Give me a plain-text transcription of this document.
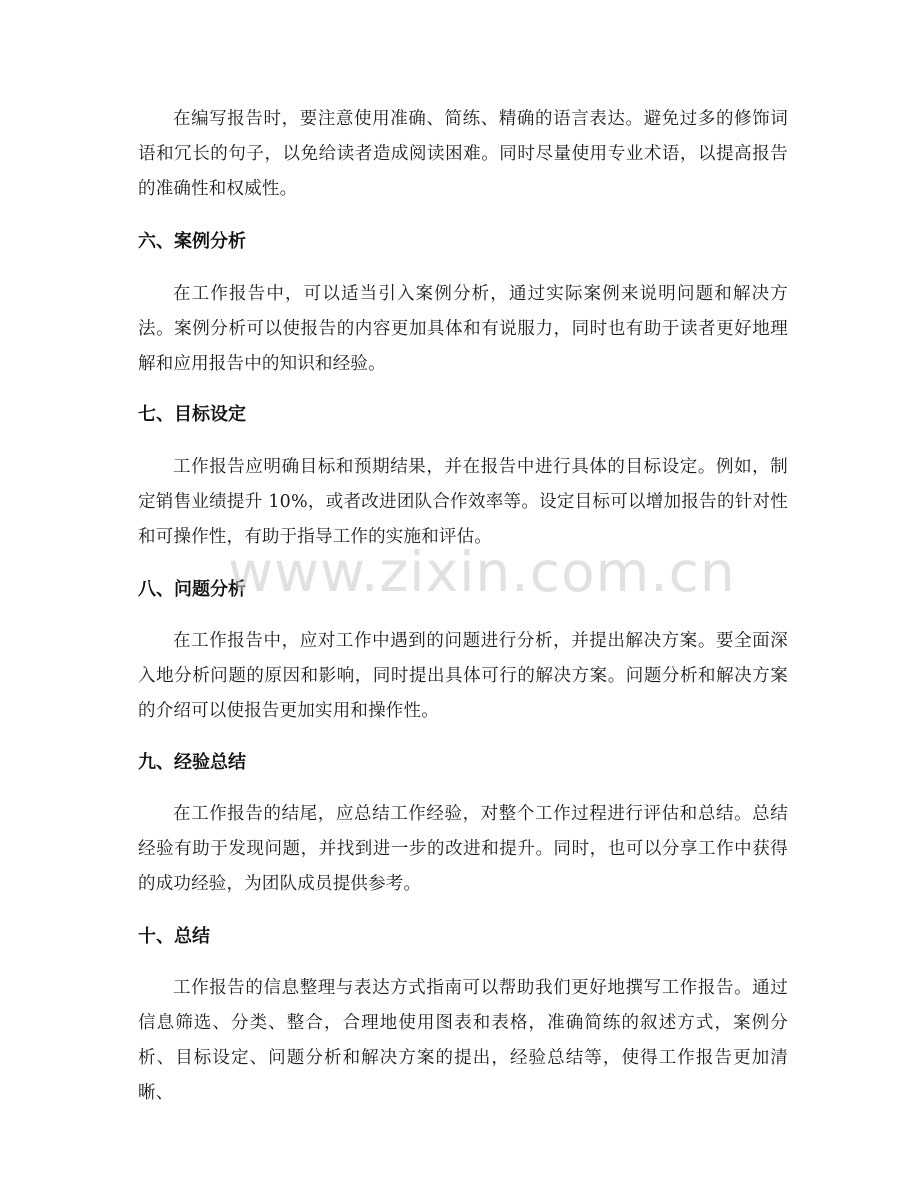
在编写报告时，要注意使用准确、简练、精确的语言表达。避免过多的修饰词语和冗长的句子，以免给读者造成阅读困难。同时尽量使用专业术语，以提高报告的准确性和权威性。

六、案例分析

在工作报告中，可以适当引入案例分析，通过实际案例来说明问题和解决方法。案例分析可以使报告的内容更加具体和有说服力，同时也有助于读者更好地理解和应用报告中的知识和经验。

七、目标设定

工作报告应明确目标和预期结果，并在报告中进行具体的目标设定。例如，制定销售业绩提升 10%，或者改进团队合作效率等。设定目标可以增加报告的针对性和可操作性，有助于指导工作的实施和评估。

八、问题分析

在工作报告中，应对工作中遇到的问题进行分析，并提出解决方案。要全面深入地分析问题的原因和影响，同时提出具体可行的解决方案。问题分析和解决方案的介绍可以使报告更加实用和操作性。

九、经验总结

在工作报告的结尾，应总结工作经验，对整个工作过程进行评估和总结。总结经验有助于发现问题，并找到进一步的改进和提升。同时，也可以分享工作中获得的成功经验，为团队成员提供参考。

十、总结

工作报告的信息整理与表达方式指南可以帮助我们更好地撰写工作报告。通过信息筛选、分类、整合，合理地使用图表和表格，准确简练的叙述方式，案例分析、目标设定、问题分析和解决方案的提出，经验总结等，使得工作报告更加清晰、

www.zixin.com.cn
